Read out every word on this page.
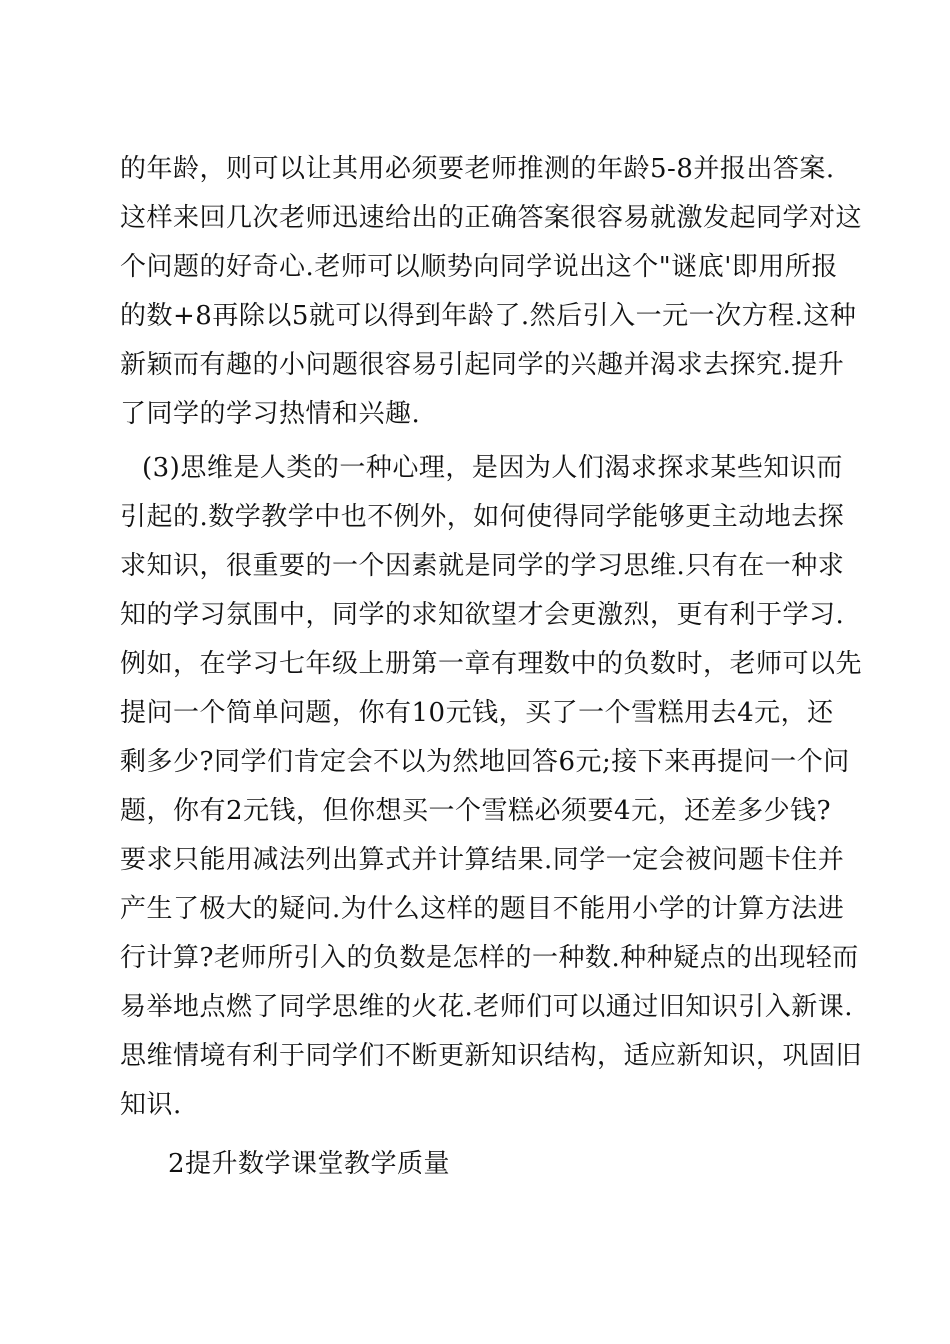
的年龄，则可以让其用必须要老师推测的年龄5-8并报出答案.
这样来回几次老师迅速给出的正确答案很容易就激发起同学对这
个问题的好奇心.老师可以顺势向同学说出这个"谜底'即用所报
的数+8再除以5就可以得到年龄了.然后引入一元一次方程.这种
新颖而有趣的小问题很容易引起同学的兴趣并渴求去探究.提升
了同学的学习热情和兴趣.
(3)思维是人类的一种心理，是因为人们渴求探求某些知识而
引起的.数学教学中也不例外，如何使得同学能够更主动地去探
求知识，很重要的一个因素就是同学的学习思维.只有在一种求
知的学习氛围中，同学的求知欲望才会更激烈，更有利于学习.
例如，在学习七年级上册第一章有理数中的负数时，老师可以先
提问一个简单问题，你有10元钱，买了一个雪糕用去4元，还
剩多少?同学们肯定会不以为然地回答6元;接下来再提问一个问
题，你有2元钱，但你想买一个雪糕必须要4元，还差多少钱?
要求只能用减法列出算式并计算结果.同学一定会被问题卡住并
产生了极大的疑问.为什么这样的题目不能用小学的计算方法进
行计算?老师所引入的负数是怎样的一种数.种种疑点的出现轻而
易举地点燃了同学思维的火花.老师们可以通过旧知识引入新课.
思维情境有利于同学们不断更新知识结构，适应新知识，巩固旧
知识.
2提升数学课堂教学质量
